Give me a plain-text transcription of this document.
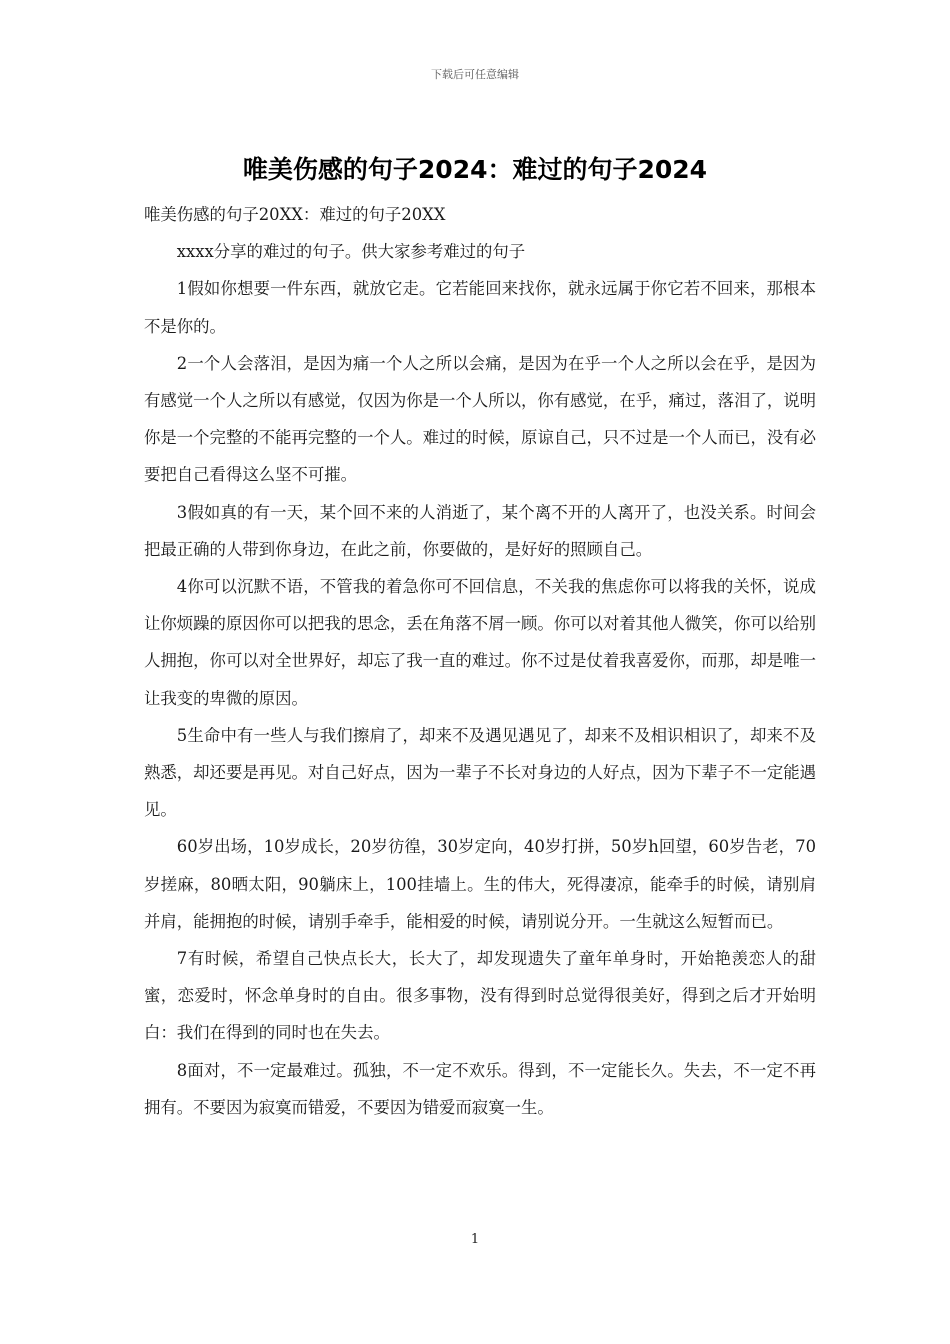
下载后可任意编辑
唯美伤感的句子2024：难过的句子2024

唯美伤感的句子20XX：难过的句子20XX

xxxx分享的难过的句子。供大家参考难过的句子

1假如你想要一件东西，就放它走。它若能回来找你，就永远属于你它若不回来，那根本不是你的。

2一个人会落泪，是因为痛一个人之所以会痛，是因为在乎一个人之所以会在乎，是因为有感觉一个人之所以有感觉，仅因为你是一个人所以，你有感觉，在乎，痛过，落泪了，说明你是一个完整的不能再完整的一个人。难过的时候，原谅自己，只不过是一个人而已，没有必要把自己看得这么坚不可摧。

3假如真的有一天，某个回不来的人消逝了，某个离不开的人离开了，也没关系。时间会把最正确的人带到你身边，在此之前，你要做的，是好好的照顾自己。

4你可以沉默不语，不管我的着急你可不回信息，不关我的焦虑你可以将我的关怀，说成让你烦躁的原因你可以把我的思念，丢在角落不屑一顾。你可以对着其他人微笑，你可以给别人拥抱，你可以对全世界好，却忘了我一直的难过。你不过是仗着我喜爱你，而那，却是唯一让我变的卑微的原因。

5生命中有一些人与我们擦肩了，却来不及遇见遇见了，却来不及相识相识了，却来不及熟悉，却还要是再见。对自己好点，因为一辈子不长对身边的人好点，因为下辈子不一定能遇见。

60岁出场，10岁成长，20岁彷徨，30岁定向，40岁打拼，50岁h回望，60岁告老，70岁搓麻，80晒太阳，90躺床上，100挂墙上。生的伟大，死得凄凉，能牵手的时候，请别肩并肩，能拥抱的时候，请别手牵手，能相爱的时候，请别说分开。一生就这么短暂而已。

7有时候，希望自己快点长大，长大了，却发现遗失了童年单身时，开始艳羡恋人的甜蜜，恋爱时，怀念单身时的自由。很多事物，没有得到时总觉得很美好，得到之后才开始明白：我们在得到的同时也在失去。

8面对，不一定最难过。孤独，不一定不欢乐。得到，不一定能长久。失去，不一定不再拥有。不要因为寂寞而错爱，不要因为错爱而寂寞一生。

1
